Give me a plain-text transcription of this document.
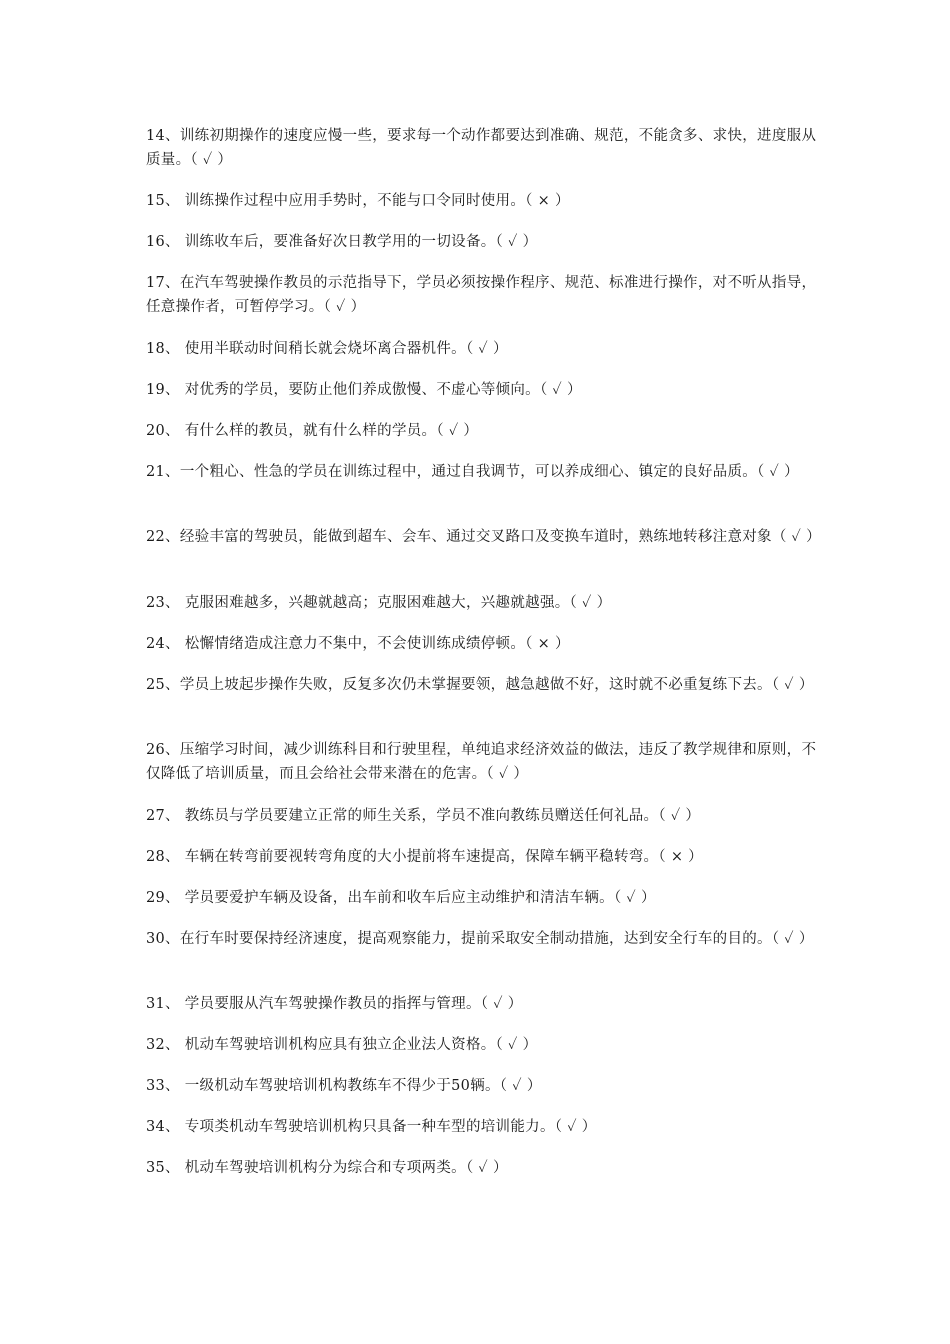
14、训练初期操作的速度应慢一些，要求每一个动作都要达到准确、规范，不能贪多、求快，进度服从质量。（ ✓ ）

15、 训练操作过程中应用手势时，不能与口令同时使用。（ × ）

16、 训练收车后，要准备好次日教学用的一切设备。（ ✓ ）

17、在汽车驾驶操作教员的示范指导下，学员必须按操作程序、规范、标准进行操作，对不听从指导，任意操作者，可暂停学习。（ ✓ ）

18、 使用半联动时间稍长就会烧坏离合器机件。（ ✓ ）

19、 对优秀的学员，要防止他们养成傲慢、不虚心等倾向。（ ✓ ）

20、 有什么样的教员，就有什么样的学员。（ ✓ ）

21、一个粗心、性急的学员在训练过程中，通过自我调节，可以养成细心、镇定的良好品质。（ ✓ ）

22、经验丰富的驾驶员，能做到超车、会车、通过交叉路口及变换车道时，熟练地转移注意对象（ ✓ ）

23、 克服困难越多，兴趣就越高；克服困难越大，兴趣就越强。（ ✓ ）

24、 松懈情绪造成注意力不集中，不会使训练成绩停顿。（ × ）

25、学员上坡起步操作失败，反复多次仍未掌握要领，越急越做不好，这时就不必重复练下去。（ ✓ ）

26、压缩学习时间，减少训练科目和行驶里程，单纯追求经济效益的做法，违反了教学规律和原则，不仅降低了培训质量，而且会给社会带来潜在的危害。（ ✓ ）

27、 教练员与学员要建立正常的师生关系，学员不准向教练员赠送任何礼品。（ ✓ ）

28、 车辆在转弯前要视转弯角度的大小提前将车速提高，保障车辆平稳转弯。（ × ）

29、 学员要爱护车辆及设备，出车前和收车后应主动维护和清洁车辆。（ ✓ ）

30、在行车时要保持经济速度，提高观察能力，提前采取安全制动措施，达到安全行车的目的。（ ✓ ）

31、 学员要服从汽车驾驶操作教员的指挥与管理。（ ✓ ）

32、 机动车驾驶培训机构应具有独立企业法人资格。（ ✓ ）

33、 一级机动车驾驶培训机构教练车不得少于50辆。（ ✓ ）

34、 专项类机动车驾驶培训机构只具备一种车型的培训能力。（ ✓ ）

35、 机动车驾驶培训机构分为综合和专项两类。（ ✓ ）
